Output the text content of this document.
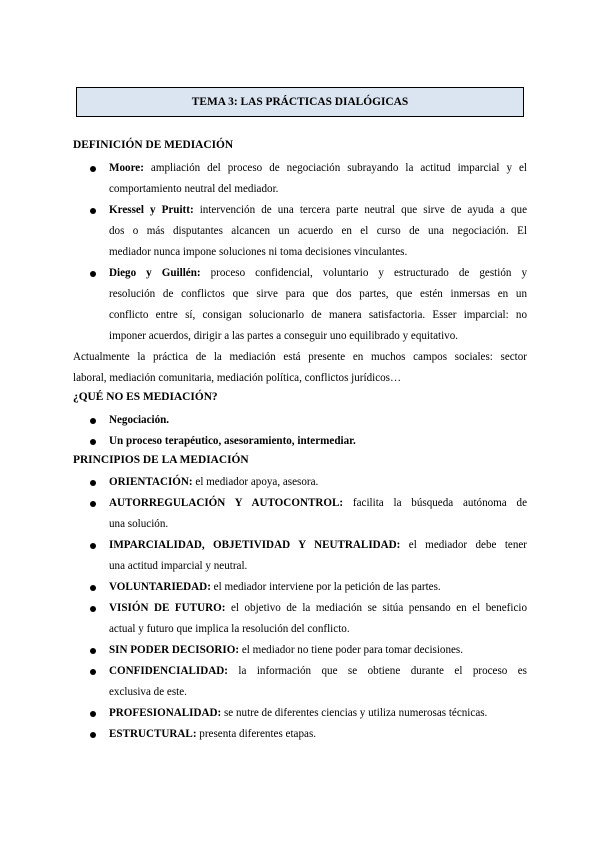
TEMA 3: LAS PRÁCTICAS DIALÓGICAS
DEFINICIÓN DE MEDIACIÓN
Moore: ampliación del proceso de negociación subrayando la actitud imparcial y el
comportamiento neutral del mediador.
Kressel y Pruitt: intervención de una tercera parte neutral que sirve de ayuda a que
dos o más disputantes alcancen un acuerdo en el curso de una negociación. El
mediador nunca impone soluciones ni toma decisiones vinculantes.
Diego y Guillén: proceso confidencial, voluntario y estructurado de gestión y
resolución de conflictos que sirve para que dos partes, que estén inmersas en un
conflicto entre sí, consigan solucionarlo de manera satisfactoria. Esser imparcial: no
imponer acuerdos, dirigir a las partes a conseguir uno equilibrado y equitativo.
Actualmente la práctica de la mediación está presente en muchos campos sociales: sector
laboral, mediación comunitaria, mediación política, conflictos jurídicos…
¿QUÉ NO ES MEDIACIÓN?
Negociación.
Un proceso terapéutico, asesoramiento, intermediar.
PRINCIPIOS DE LA MEDIACIÓN
ORIENTACIÓN: el mediador apoya, asesora.
AUTORREGULACIÓN Y AUTOCONTROL: facilita la búsqueda autónoma de
una solución.
IMPARCIALIDAD, OBJETIVIDAD Y NEUTRALIDAD: el mediador debe tener
una actitud imparcial y neutral.
VOLUNTARIEDAD: el mediador interviene por la petición de las partes.
VISIÓN DE FUTURO: el objetivo de la mediación se sitúa pensando en el beneficio
actual y futuro que implica la resolución del conflicto.
SIN PODER DECISORIO: el mediador no tiene poder para tomar decisiones.
CONFIDENCIALIDAD: la información que se obtiene durante el proceso es
exclusiva de este.
PROFESIONALIDAD: se nutre de diferentes ciencias y utiliza numerosas técnicas.
ESTRUCTURAL: presenta diferentes etapas.
